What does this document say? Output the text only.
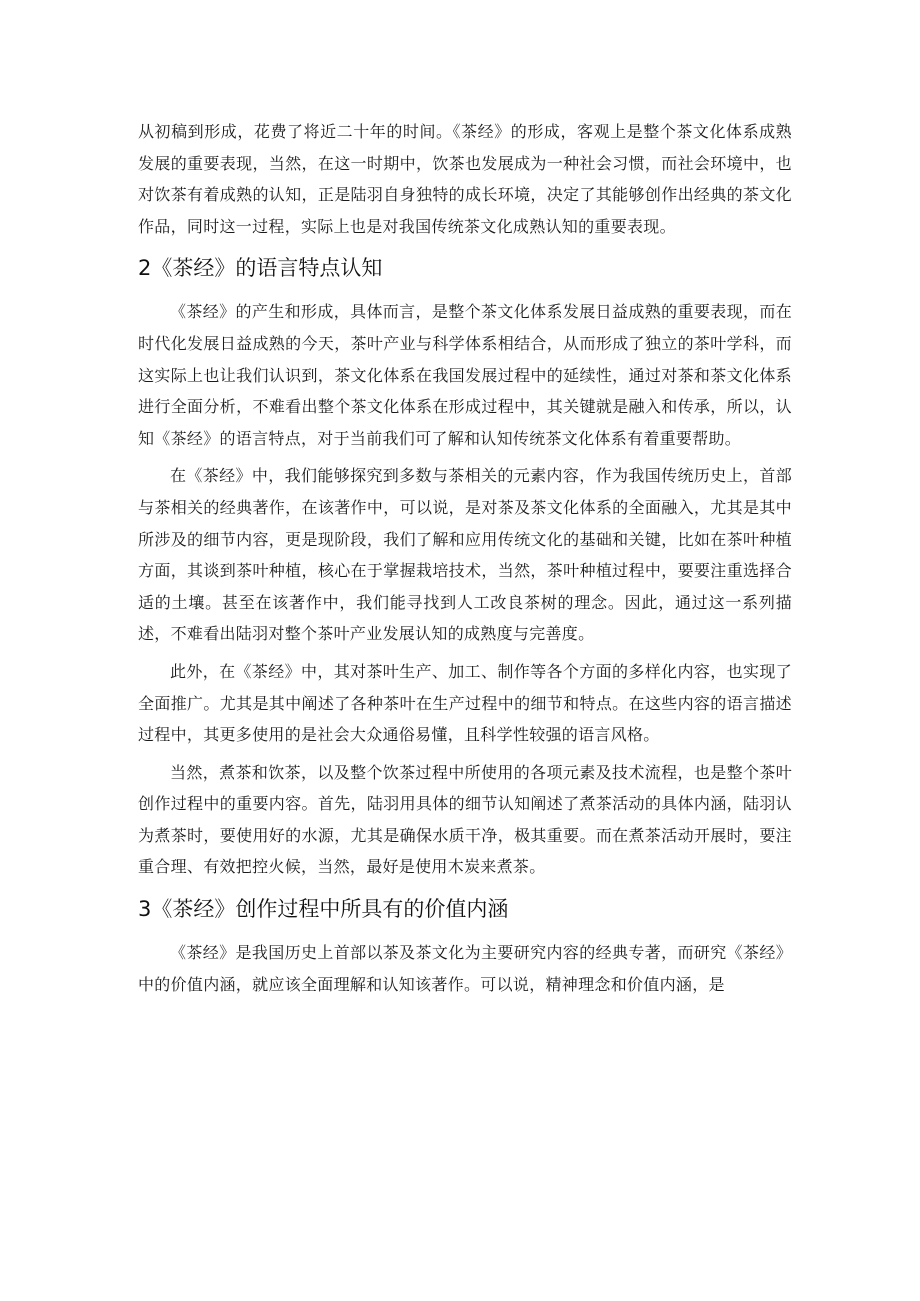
从初稿到形成，花费了将近二十年的时间。《茶经》的形成，客观上是整个茶文化体系成熟发展的重要表现，当然，在这一时期中，饮茶也发展成为一种社会习惯，而社会环境中，也对饮茶有着成熟的认知，正是陆羽自身独特的成长环境，决定了其能够创作出经典的茶文化作品，同时这一过程，实际上也是对我国传统茶文化成熟认知的重要表现。

2《茶经》的语言特点认知

《茶经》的产生和形成，具体而言，是整个茶文化体系发展日益成熟的重要表现，而在时代化发展日益成熟的今天，茶叶产业与科学体系相结合，从而形成了独立的茶叶学科，而这实际上也让我们认识到，茶文化体系在我国发展过程中的延续性，通过对茶和茶文化体系进行全面分析，不难看出整个茶文化体系在形成过程中，其关键就是融入和传承，所以，认知《茶经》的语言特点，对于当前我们可了解和认知传统茶文化体系有着重要帮助。

在《茶经》中，我们能够探究到多数与茶相关的元素内容，作为我国传统历史上，首部与茶相关的经典著作，在该著作中，可以说，是对茶及茶文化体系的全面融入，尤其是其中所涉及的细节内容，更是现阶段，我们了解和应用传统文化的基础和关键，比如在茶叶种植方面，其谈到茶叶种植，核心在于掌握栽培技术，当然，茶叶种植过程中，要要注重选择合适的土壤。甚至在该著作中，我们能寻找到人工改良茶树的理念。因此，通过这一系列描述，不难看出陆羽对整个茶叶产业发展认知的成熟度与完善度。

此外，在《茶经》中，其对茶叶生产、加工、制作等各个方面的多样化内容，也实现了全面推广。尤其是其中阐述了各种茶叶在生产过程中的细节和特点。在这些内容的语言描述过程中，其更多使用的是社会大众通俗易懂，且科学性较强的语言风格。

当然，煮茶和饮茶，以及整个饮茶过程中所使用的各项元素及技术流程，也是整个茶叶创作过程中的重要内容。首先，陆羽用具体的细节认知阐述了煮茶活动的具体内涵，陆羽认为煮茶时，要使用好的水源，尤其是确保水质干净，极其重要。而在煮茶活动开展时，要注重合理、有效把控火候，当然，最好是使用木炭来煮茶。

3《茶经》创作过程中所具有的价值内涵

《茶经》是我国历史上首部以茶及茶文化为主要研究内容的经典专著，而研究《茶经》中的价值内涵，就应该全面理解和认知该著作。可以说，精神理念和价值内涵，是
